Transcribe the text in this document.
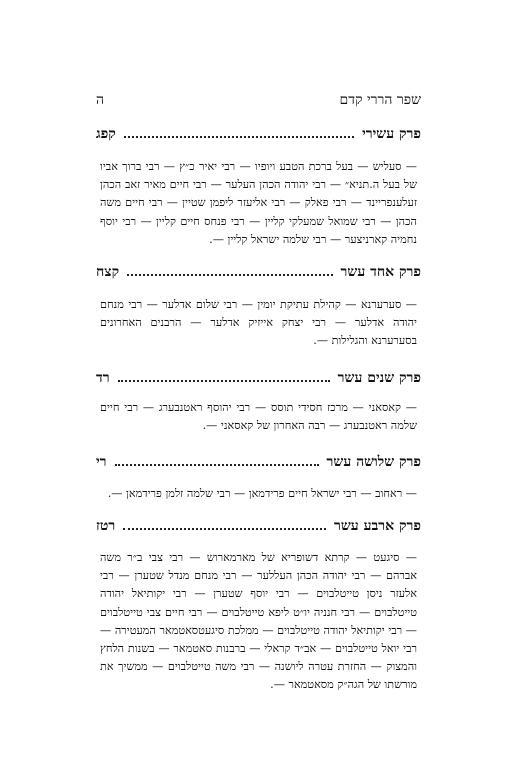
שפר הררי קדם
ה
פרק עשירי
קפג
— סעליש — בעל ברכת הטבע ויופיו — רבי יאיר כ״ץ — רבי ברוך אביו של בעל ה.תניא״ — רבי יהודה הכהן העלער — רבי חיים מאיר זאב הכהן זעלענפריינד — רבי פאלק — רבי אליעזר ליפמן שטיין — רבי חיים משה הכהן — רבי שמואל שמעלקי קליין — רבי פנחס חיים קליין — רבי יוסף נחמיה קארניצער — רבי שלמה ישראל קליין —.
פרק אחד עשר
קצח
— סערערנא — קהילת עתיקת יומין — רבי שלום אדלער — רבי מנחם יהודה אדלער — רבי יצחק אייזיק אדלער — הרבנים האחרונים בסערערנא והגלילות —.
פרק שנים עשר
רד
— קאסאני — מרכז חסידי תוסס — רבי יהוסף ראטנבערג — רבי חיים שלמה ראטנבערג — רבה האחרון של קאסאני —.
פרק שלושה עשר
רי
— ראחוב — רבי ישראל חיים פרידמאן — רבי שלמה זלמן פרידמאן —.
פרק ארבע עשר
רטז
— סיגעט — קרתא דשופריא של מארמארוש — רבי צבי ב״ר משה אברהם — רבי יהודה הכהן העללער — רבי מנחם מנדל שטערן — רבי אלעזר ניסן טייטלבוים — רבי יוסף שטערן — רבי יקותיאל יהודה טייטלבוים — רבי חנניה יו״ט ליפא טייטלבוים — רבי חיים צבי טייטלבוים — רבי יקותיאל יהודה טייטלבוים — ממלכת סיגעטסאטמאר המעטירה — רבי יואל טייטלבוים — אב״ד קראלי — ברבנות סאטמאר — בשנות הלחץ והמצוק — החזרת עטרה ליושנה — רבי משה טייטלבוים — ממשיך את מורשתו של הגה״ק מסאטמאר —.
